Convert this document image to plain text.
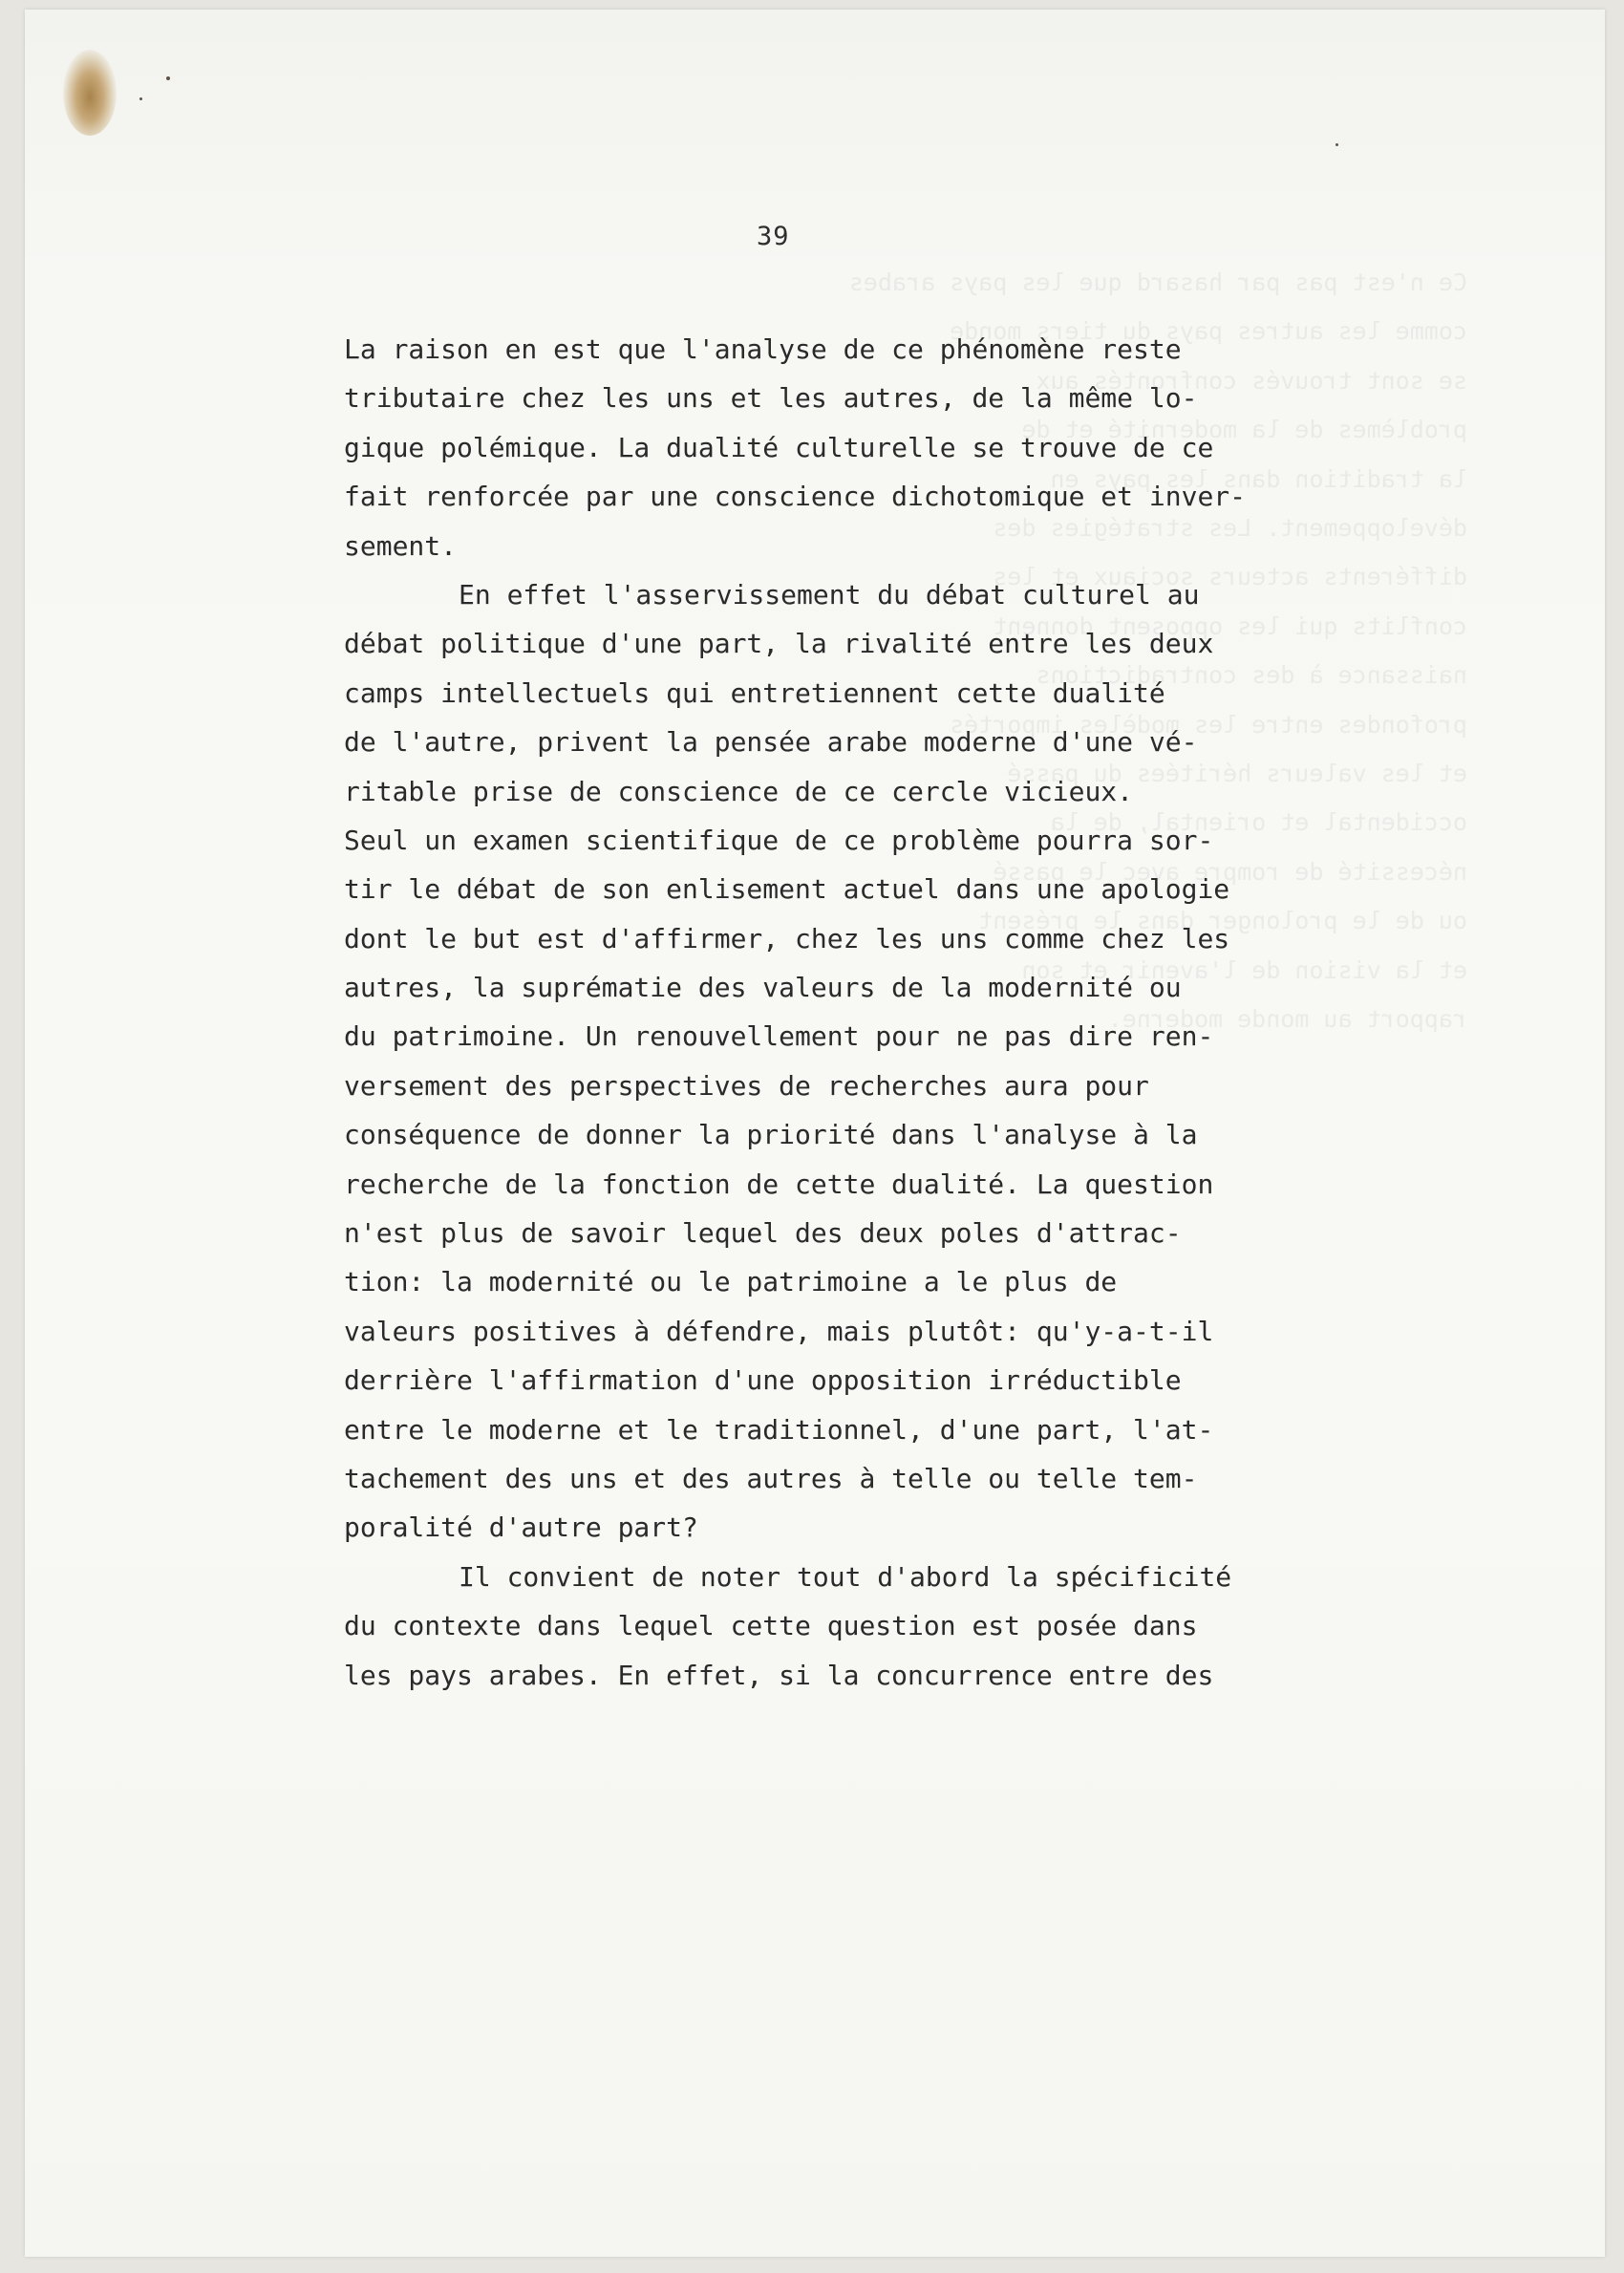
Ce n'est pas par hasard que les pays arabes
comme les autres pays du tiers monde
se sont trouvés confrontés aux
problèmes de la modernité et de
la tradition dans les pays en
développement. Les stratégies des
différents acteurs sociaux et les
conflits qui les opposent donnent
naissance à des contradictions
profondes entre les modèles importés
et les valeurs héritées du passé
occidental et oriental, de la
nécessité de rompre avec le passé
ou de le prolonger dans le présent
et la vision de l'avenir et son
rapport au monde moderne.
39
La raison en est que l'analyse de ce phénomène reste
tributaire chez les uns et les autres, de la même lo-
gique polémique. La dualité culturelle se trouve de ce
fait renforcée par une conscience dichotomique et inver-
sement.
En effet l'asservissement du débat culturel au
débat politique d'une part, la rivalité entre les deux
camps intellectuels qui entretiennent cette dualité
de l'autre, privent la pensée arabe moderne d'une vé-
ritable prise de conscience de ce cercle vicieux.
Seul un examen scientifique de ce problème pourra sor-
tir le débat de son enlisement actuel dans une apologie
dont le but est d'affirmer, chez les uns comme chez les
autres, la suprématie des valeurs de la modernité ou
du patrimoine. Un renouvellement pour ne pas dire ren-
versement des perspectives de recherches aura pour
conséquence de donner la priorité dans l'analyse à la
recherche de la fonction de cette dualité. La question
n'est plus de savoir lequel des deux poles d'attrac-
tion: la modernité ou le patrimoine a le plus de
valeurs positives à défendre, mais plutôt: qu'y-a-t-il
derrière l'affirmation d'une opposition irréductible
entre le moderne et le traditionnel, d'une part, l'at-
tachement des uns et des autres à telle ou telle tem-
poralité d'autre part?
Il convient de noter tout d'abord la spécificité
du contexte dans lequel cette question est posée dans
les pays arabes. En effet, si la concurrence entre des
